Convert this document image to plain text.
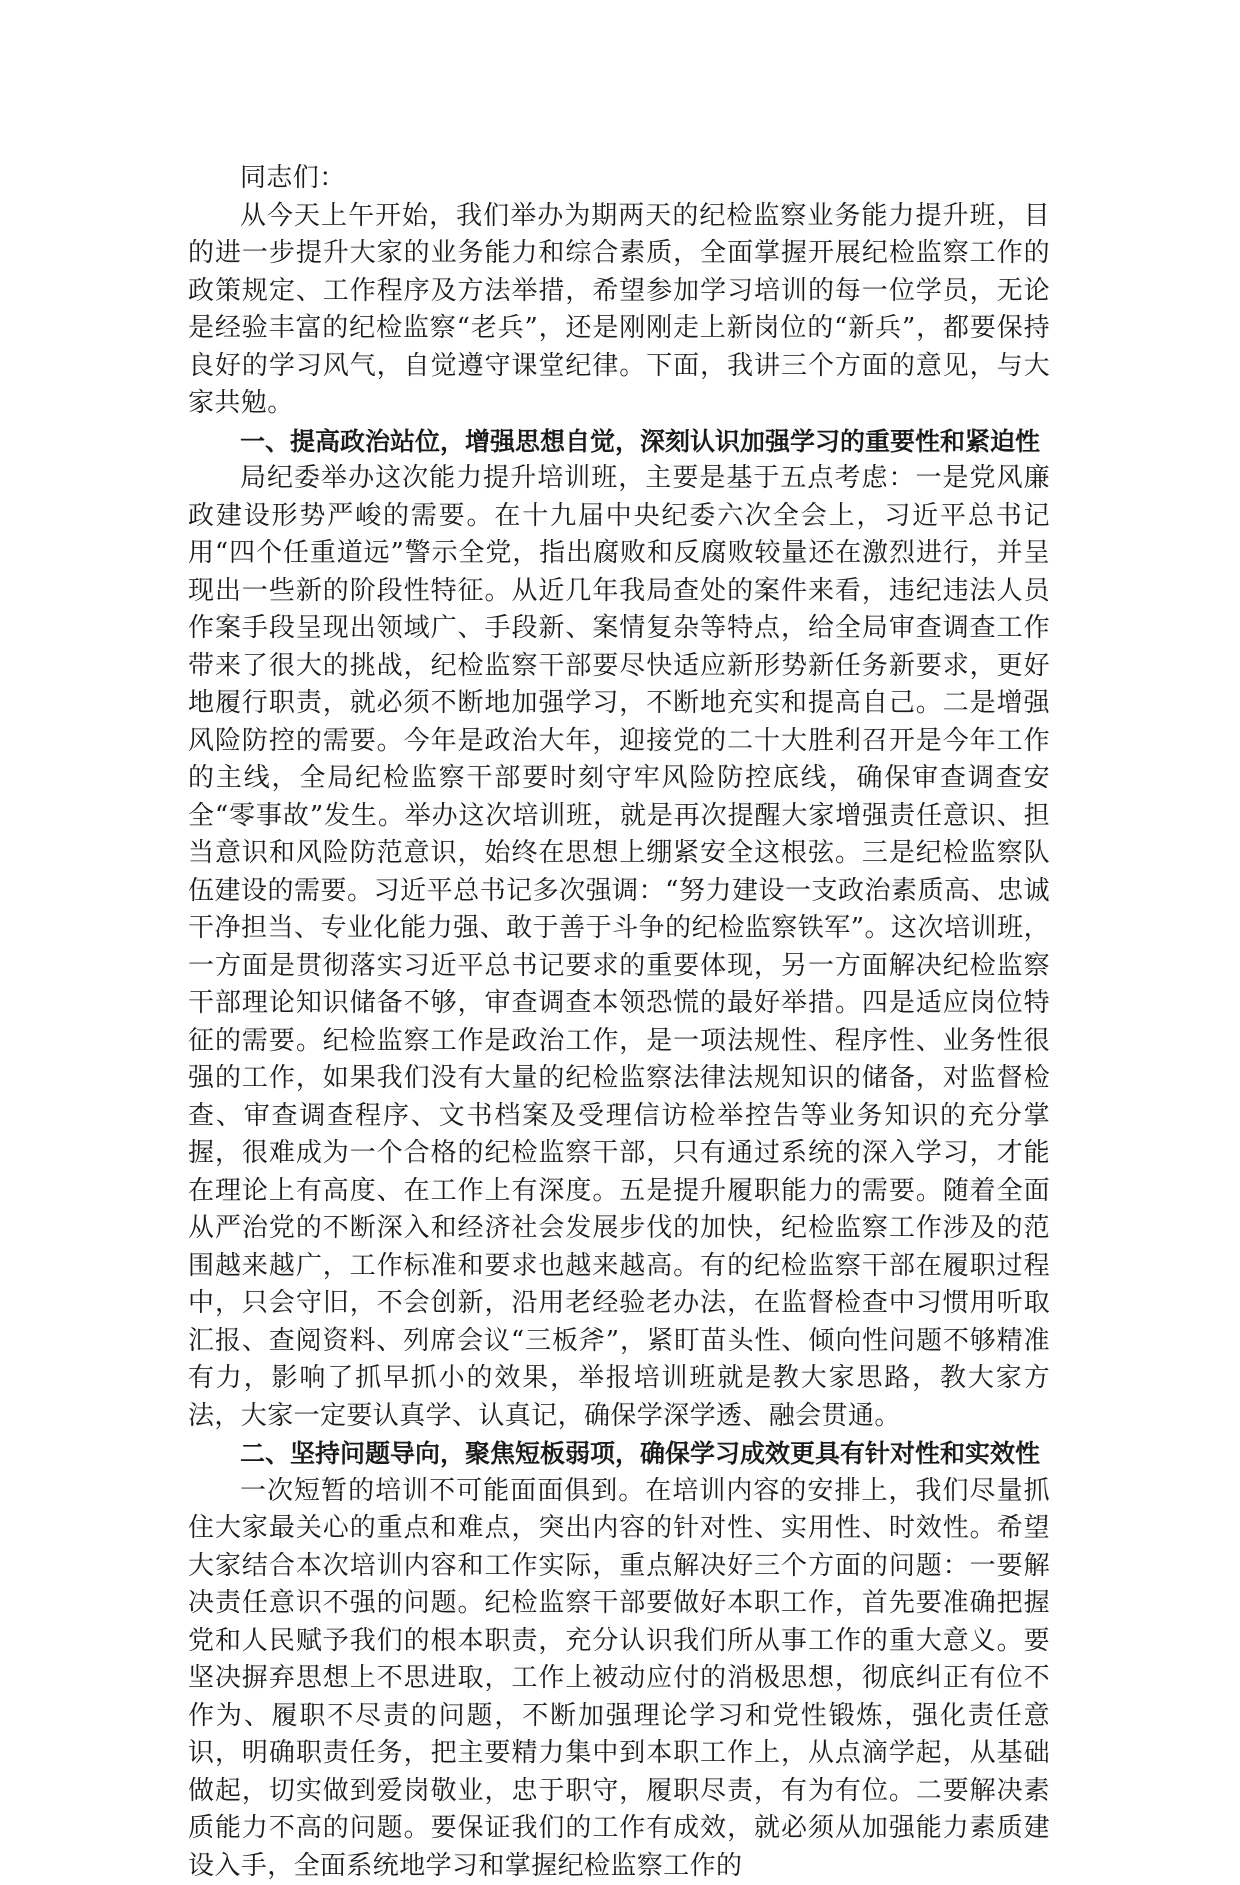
同志们：

从今天上午开始，我们举办为期两天的纪检监察业务能力提升班，目的进一步提升大家的业务能力和综合素质，全面掌握开展纪检监察工作的政策规定、工作程序及方法举措，希望参加学习培训的每一位学员，无论是经验丰富的纪检监察“老兵”，还是刚刚走上新岗位的“新兵”，都要保持良好的学习风气，自觉遵守课堂纪律。下面，我讲三个方面的意见，与大家共勉。

一、提高政治站位，增强思想自觉，深刻认识加强学习的重要性和紧迫性

局纪委举办这次能力提升培训班，主要是基于五点考虑：一是党风廉政建设形势严峻的需要。在十九届中央纪委六次全会上，习近平总书记用“四个任重道远”警示全党，指出腐败和反腐败较量还在激烈进行，并呈现出一些新的阶段性特征。从近几年我局查处的案件来看，违纪违法人员作案手段呈现出领域广、手段新、案情复杂等特点，给全局审查调查工作带来了很大的挑战，纪检监察干部要尽快适应新形势新任务新要求，更好地履行职责，就必须不断地加强学习，不断地充实和提高自己。二是增强风险防控的需要。今年是政治大年，迎接党的二十大胜利召开是今年工作的主线，全局纪检监察干部要时刻守牢风险防控底线，确保审查调查安全“零事故”发生。举办这次培训班，就是再次提醒大家增强责任意识、担当意识和风险防范意识，始终在思想上绷紧安全这根弦。三是纪检监察队伍建设的需要。习近平总书记多次强调：“努力建设一支政治素质高、忠诚干净担当、专业化能力强、敢于善于斗争的纪检监察铁军”。这次培训班，一方面是贯彻落实习近平总书记要求的重要体现，另一方面解决纪检监察干部理论知识储备不够，审查调查本领恐慌的最好举措。四是适应岗位特征的需要。纪检监察工作是政治工作，是一项法规性、程序性、业务性很强的工作，如果我们没有大量的纪检监察法律法规知识的储备，对监督检查、审查调查程序、文书档案及受理信访检举控告等业务知识的充分掌握，很难成为一个合格的纪检监察干部，只有通过系统的深入学习，才能在理论上有高度、在工作上有深度。五是提升履职能力的需要。随着全面从严治党的不断深入和经济社会发展步伐的加快，纪检监察工作涉及的范围越来越广，工作标准和要求也越来越高。有的纪检监察干部在履职过程中，只会守旧，不会创新，沿用老经验老办法，在监督检查中习惯用听取汇报、查阅资料、列席会议“三板斧”，紧盯苗头性、倾向性问题不够精准有力，影响了抓早抓小的效果，举报培训班就是教大家思路，教大家方法，大家一定要认真学、认真记，确保学深学透、融会贯通。

二、坚持问题导向，聚焦短板弱项，确保学习成效更具有针对性和实效性

一次短暂的培训不可能面面俱到。在培训内容的安排上，我们尽量抓住大家最关心的重点和难点，突出内容的针对性、实用性、时效性。希望大家结合本次培训内容和工作实际，重点解决好三个方面的问题：一要解决责任意识不强的问题。纪检监察干部要做好本职工作，首先要准确把握党和人民赋予我们的根本职责，充分认识我们所从事工作的重大意义。要坚决摒弃思想上不思进取，工作上被动应付的消极思想，彻底纠正有位不作为、履职不尽责的问题，不断加强理论学习和党性锻炼，强化责任意识，明确职责任务，把主要精力集中到本职工作上，从点滴学起，从基础做起，切实做到爱岗敬业，忠于职守，履职尽责，有为有位。二要解决素质能力不高的问题。要保证我们的工作有成效，就必须从加强能力素质建设入手，全面系统地学习和掌握纪检监察工作的
